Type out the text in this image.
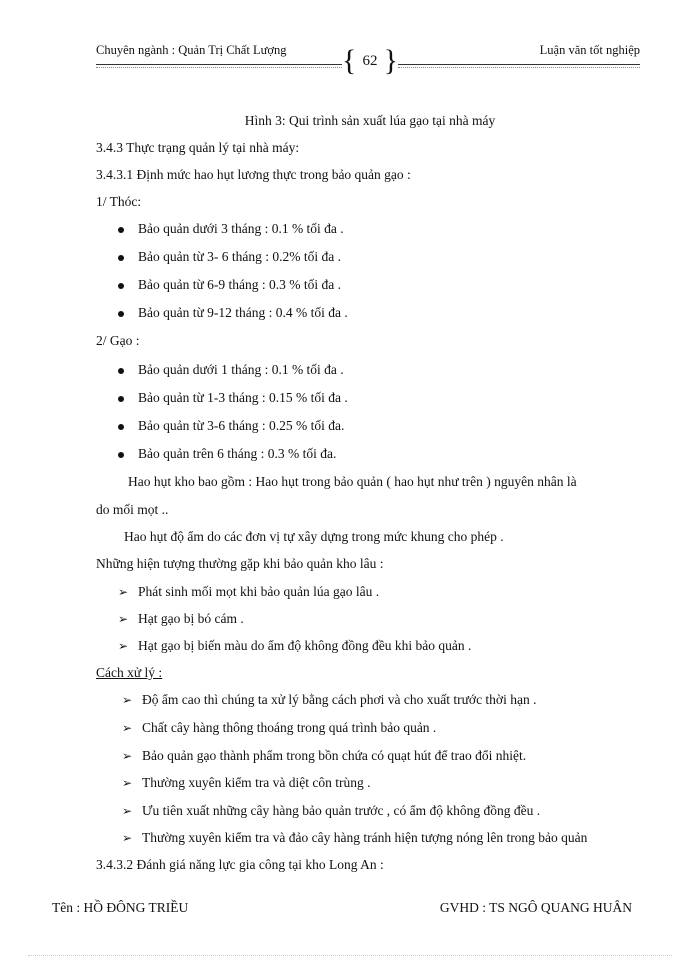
Chuyên ngành : Quản Trị Chất Lượng { 62 }	Luận văn tốt nghiệp
Hình 3: Qui trình sản xuất lúa gạo tại nhà máy
3.4.3 Thực trạng quản lý tại nhà máy:
3.4.3.1 Định mức hao hụt lương thực trong bảo quản gạo :
1/ Thóc:
Bảo quản dưới 3 tháng : 0.1 % tối đa .
Bảo quản từ 3- 6 tháng : 0.2% tối đa .
Bảo quản từ 6-9 tháng : 0.3 % tối đa .
Bảo quản từ 9-12 tháng : 0.4 % tối đa .
2/ Gạo :
Bảo quản dưới 1 tháng : 0.1 % tối đa .
Bảo quản từ 1-3 tháng : 0.15 % tối đa .
Bảo quản từ 3-6 tháng : 0.25 % tối đa.
Bảo quản trên 6 tháng : 0.3 % tối đa.
Hao hụt kho bao gồm : Hao hụt trong bảo quản ( hao hụt như trên ) nguyên nhân là
do mối mọt ..
Hao hụt độ ẩm do các đơn vị tự xây dựng trong mức khung cho phép .
Những hiện tượng thường gặp khi bảo quản kho lâu :
➢ Phát sinh mối mọt khi bảo quản lúa gạo lâu .
➢ Hạt gạo bị bó cám .
➢ Hạt gạo bị biến màu do ẩm độ không đồng đều khi bảo quản .
Cách xử lý :
➢ Độ ẩm cao thì chúng ta xử lý bằng cách phơi và cho xuất trước thời hạn .
➢ Chất cây hàng thông thoáng trong quá trình bảo quản .
➢ Bảo quản gạo thành phẩm trong bồn chứa có quạt hút để trao đổi nhiệt.
➢ Thường xuyên kiểm tra và diệt côn trùng .
➢ Ưu tiên xuất những cây hàng bảo quản trước , có ẩm độ không đồng đều .
➢ Thường xuyên kiểm tra và đảo cây hàng tránh hiện tượng nóng lên trong bảo quản
3.4.3.2 Đánh giá năng lực gia công tại kho Long An :
Tên : HỒ ĐÔNG TRIỀU	GVHD : TS NGÔ QUANG HUÂN
